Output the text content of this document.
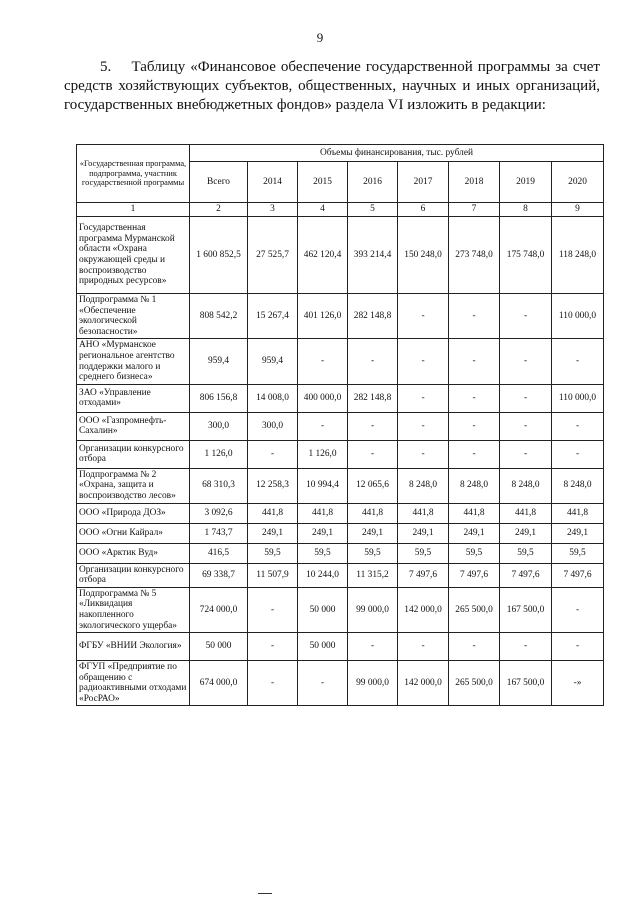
9
5.    Таблицу «Финансовое обеспечение государственной программы за счет средств хозяйствующих субъектов, общественных, научных и иных организаций, государственных внебюджетных фондов» раздела VI изложить в редакции:
«Государственная программа, подпрограмма, участник государственной программы	Объемы финансирования, тыс. рублей							
	Всего	2014	2015	2016	2017	2018	2019	2020
1	2	3	4	5	6	7	8	9
Государственная программа Мурманской области «Охрана окружающей среды и воспроизводство природных ресурсов»	1 600 852,5	27 525,7	462 120,4	393 214,4	150 248,0	273 748,0	175 748,0	118 248,0
Подпрограмма № 1 «Обеспечение экологической безопасности»	808 542,2	15 267,4	401 126,0	282 148,8	-	-	-	110 000,0
АНО «Мурманское региональное агентство поддержки малого и среднего бизнеса»	959,4	959,4	-	-	-	-	-	-
ЗАО «Управление отходами»	806 156,8	14 008,0	400 000,0	282 148,8	-	-	-	110 000,0
ООО «Газпромнефть-Сахалин»	300,0	300,0	-	-	-	-	-	-
Организации конкурсного отбора	1 126,0	-	1 126,0	-	-	-	-	-
Подпрограмма № 2 «Охрана, защита и воспроизводство лесов»	68 310,3	12 258,3	10 994,4	12 065,6	8 248,0	8 248,0	8 248,0	8 248,0
ООО «Природа ДОЗ»	3 092,6	441,8	441,8	441,8	441,8	441,8	441,8	441,8
ООО «Огни Кайрал»	1 743,7	249,1	249,1	249,1	249,1	249,1	249,1	249,1
ООО «Арктик Вуд»	416,5	59,5	59,5	59,5	59,5	59,5	59,5	59,5
Организации конкурсного отбора	69 338,7	11 507,9	10 244,0	11 315,2	7 497,6	7 497,6	7 497,6	7 497,6
Подпрограмма № 5 «Ликвидация накопленного экологического ущерба»	724 000,0	-	50 000	99 000,0	142 000,0	265 500,0	167 500,0	-
ФГБУ «ВНИИ Экология»	50 000	-	50 000	-	-	-	-	-
ФГУП «Предприятие по обращению с радиоактивными отходами «РосРАО»	674 000,0	-	-	99 000,0	142 000,0	265 500,0	167 500,0	-»
